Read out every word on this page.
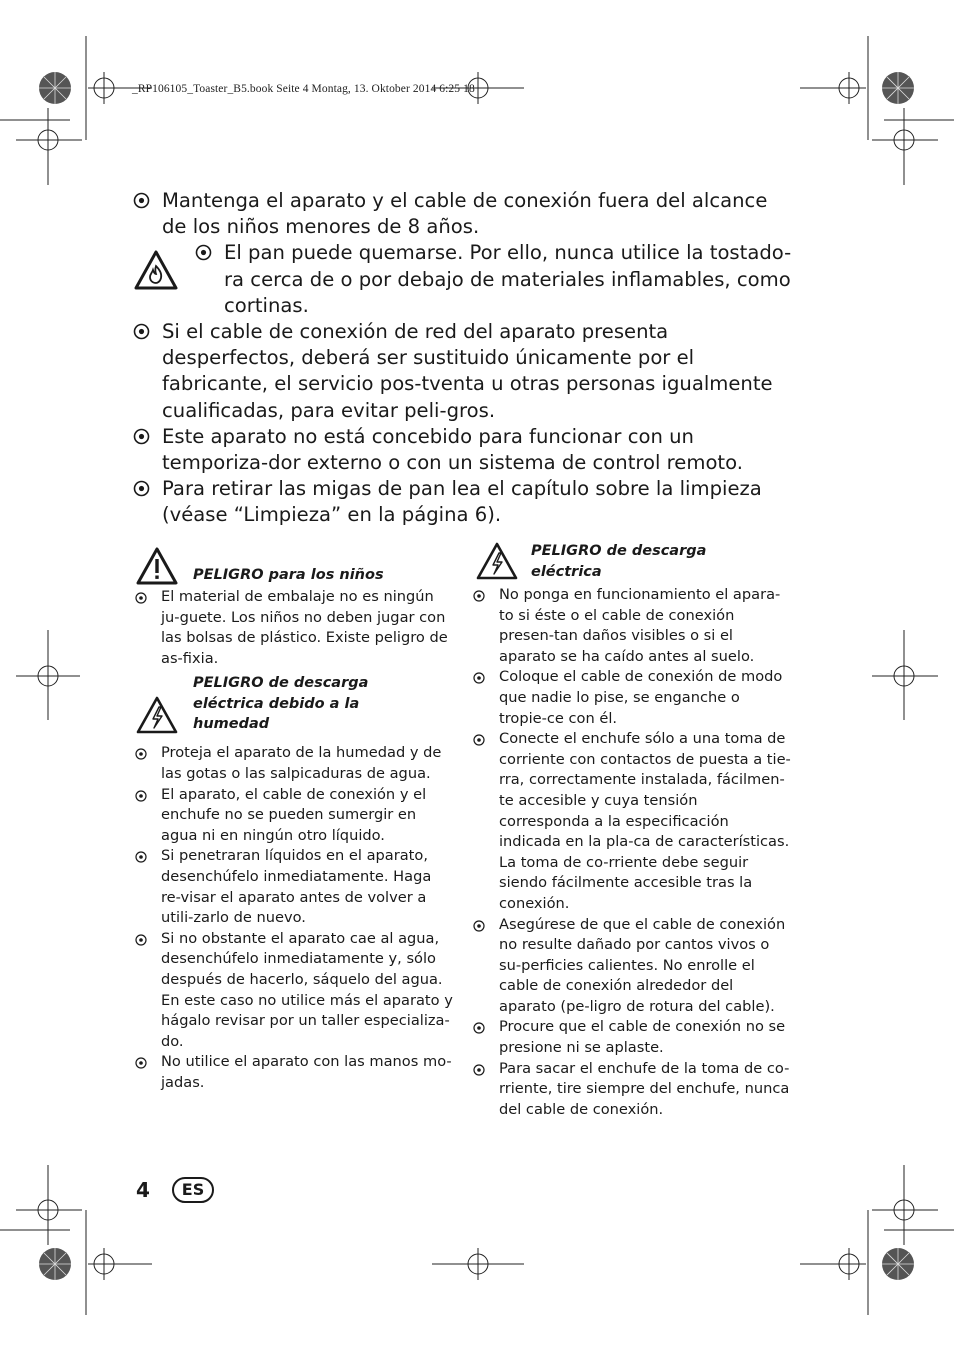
_RP106105_Toaster_B5.book Seite 4 Montag, 13. Oktober 2014 6:25 18
Mantenga el aparato y el cable de conexión fuera del alcance de los niños menores de 8 años.
El pan puede quemarse. Por ello, nunca utilice la tostado-ra cerca de o por debajo de materiales inflamables, como cortinas.
Si el cable de conexión de red del aparato presenta desperfectos, deberá ser sustituido únicamente por el fabricante, el servicio pos-tventa u otras personas igualmente cualificadas, para evitar peli-gros.
Este aparato no está concebido para funcionar con un temporiza-dor externo o con un sistema de control remoto.
Para retirar las migas de pan lea el capítulo sobre la limpieza (véase “Limpieza” en la página 6).
PELIGRO para los niños
El material de embalaje no es ningún ju-guete. Los niños no deben jugar con las bolsas de plástico. Existe peligro de as-fixia.
PELIGRO de descarga eléctrica debido a la humedad
Proteja el aparato de la humedad y de las gotas o las salpicaduras de agua.
El aparato, el cable de conexión y el enchufe no se pueden sumergir en agua ni en ningún otro líquido.
Si penetraran líquidos en el aparato, desenchúfelo inmediatamente. Haga re-visar el aparato antes de volver a utili-zarlo de nuevo.
Si no obstante el aparato cae al agua, desenchúfelo inmediatamente y, sólo después de hacerlo, sáquelo del agua. En este caso no utilice más el aparato y hágalo revisar por un taller especializa-do.
No utilice el aparato con las manos mo-jadas.
PELIGRO de descarga eléctrica
No ponga en funcionamiento el apara-to si éste o el cable de conexión presen-tan daños visibles o si el aparato se ha caído antes al suelo.
Coloque el cable de conexión de modo que nadie lo pise, se enganche o tropie-ce con él.
Conecte el enchufe sólo a una toma de corriente con contactos de puesta a tie-rra, correctamente instalada, fácilmen-te accesible y cuya tensión corresponda a la especificación indicada en la pla-ca de características. La toma de co-rriente debe seguir siendo fácilmente accesible tras la conexión.
Asegúrese de que el cable de conexión no resulte dañado por cantos vivos o su-perficies calientes. No enrolle el cable de conexión alrededor del aparato (pe-ligro de rotura del cable).
Procure que el cable de conexión no se presione ni se aplaste.
Para sacar el enchufe de la toma de co-rriente, tire siempre del enchufe, nunca del cable de conexión.
4	ES
